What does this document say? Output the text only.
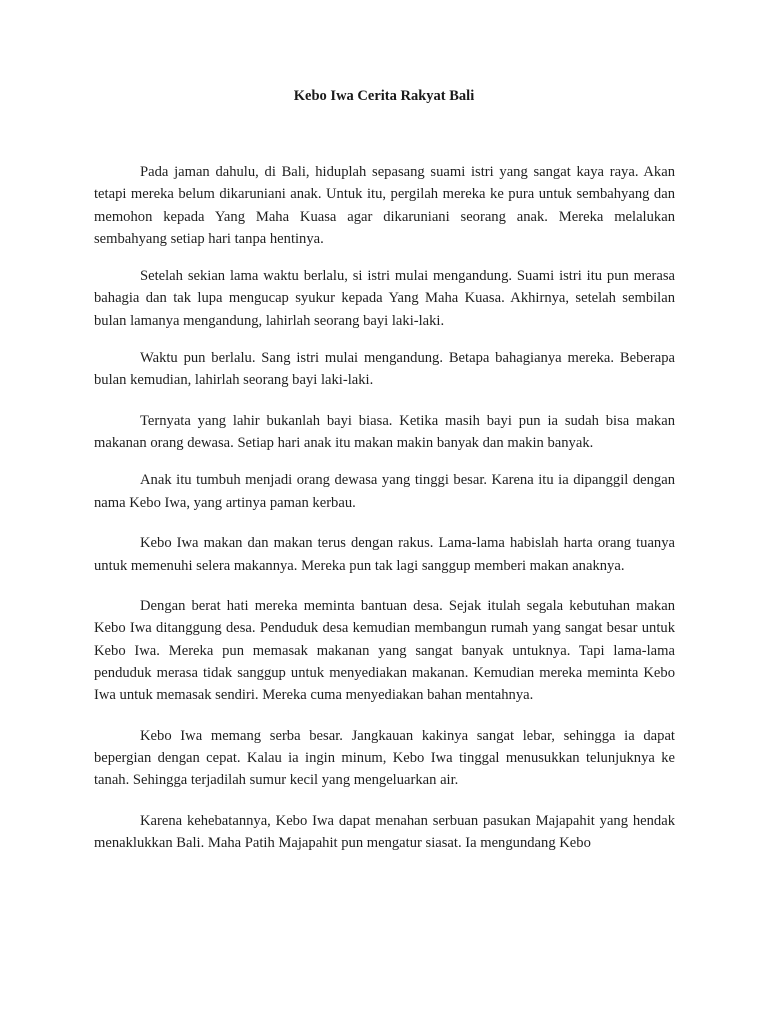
Kebo Iwa Cerita Rakyat Bali

Pada jaman dahulu, di Bali, hiduplah sepasang suami istri yang sangat kaya raya. Akan tetapi mereka belum dikaruniani anak. Untuk itu, pergilah mereka ke pura untuk sembahyang dan memohon kepada Yang Maha Kuasa agar dikaruniani seorang anak. Mereka melalukan sembahyang setiap hari tanpa hentinya.

Setelah sekian lama waktu berlalu, si istri mulai mengandung. Suami istri itu pun merasa bahagia dan tak lupa mengucap syukur kepada Yang Maha Kuasa. Akhirnya, setelah sembilan bulan lamanya mengandung, lahirlah seorang bayi laki-laki.

Waktu pun berlalu. Sang istri mulai mengandung. Betapa bahagianya mereka. Beberapa bulan kemudian, lahirlah seorang bayi laki-laki.

Ternyata yang lahir bukanlah bayi biasa. Ketika masih bayi pun ia sudah bisa makan makanan orang dewasa. Setiap hari anak itu makan makin banyak dan makin banyak.

Anak itu tumbuh menjadi orang dewasa yang tinggi besar. Karena itu ia dipanggil dengan nama Kebo Iwa, yang artinya paman kerbau.

Kebo Iwa makan dan makan terus dengan rakus. Lama-lama habislah harta orang tuanya untuk memenuhi selera makannya. Mereka pun tak lagi sanggup memberi makan anaknya.

Dengan berat hati mereka meminta bantuan desa. Sejak itulah segala kebutuhan makan Kebo Iwa ditanggung desa. Penduduk desa kemudian membangun rumah yang sangat besar untuk Kebo Iwa. Mereka pun memasak makanan yang sangat banyak untuknya. Tapi lama-lama penduduk merasa tidak sanggup untuk menyediakan makanan. Kemudian mereka meminta Kebo Iwa untuk memasak sendiri. Mereka cuma menyediakan bahan mentahnya.

Kebo Iwa memang serba besar. Jangkauan kakinya sangat lebar, sehingga ia dapat bepergian dengan cepat. Kalau ia ingin minum, Kebo Iwa tinggal menusukkan telunjuknya ke tanah. Sehingga terjadilah sumur kecil yang mengeluarkan air.

Karena kehebatannya, Kebo Iwa dapat menahan serbuan pasukan Majapahit yang hendak menaklukkan Bali. Maha Patih Majapahit pun mengatur siasat. Ia mengundang Kebo
